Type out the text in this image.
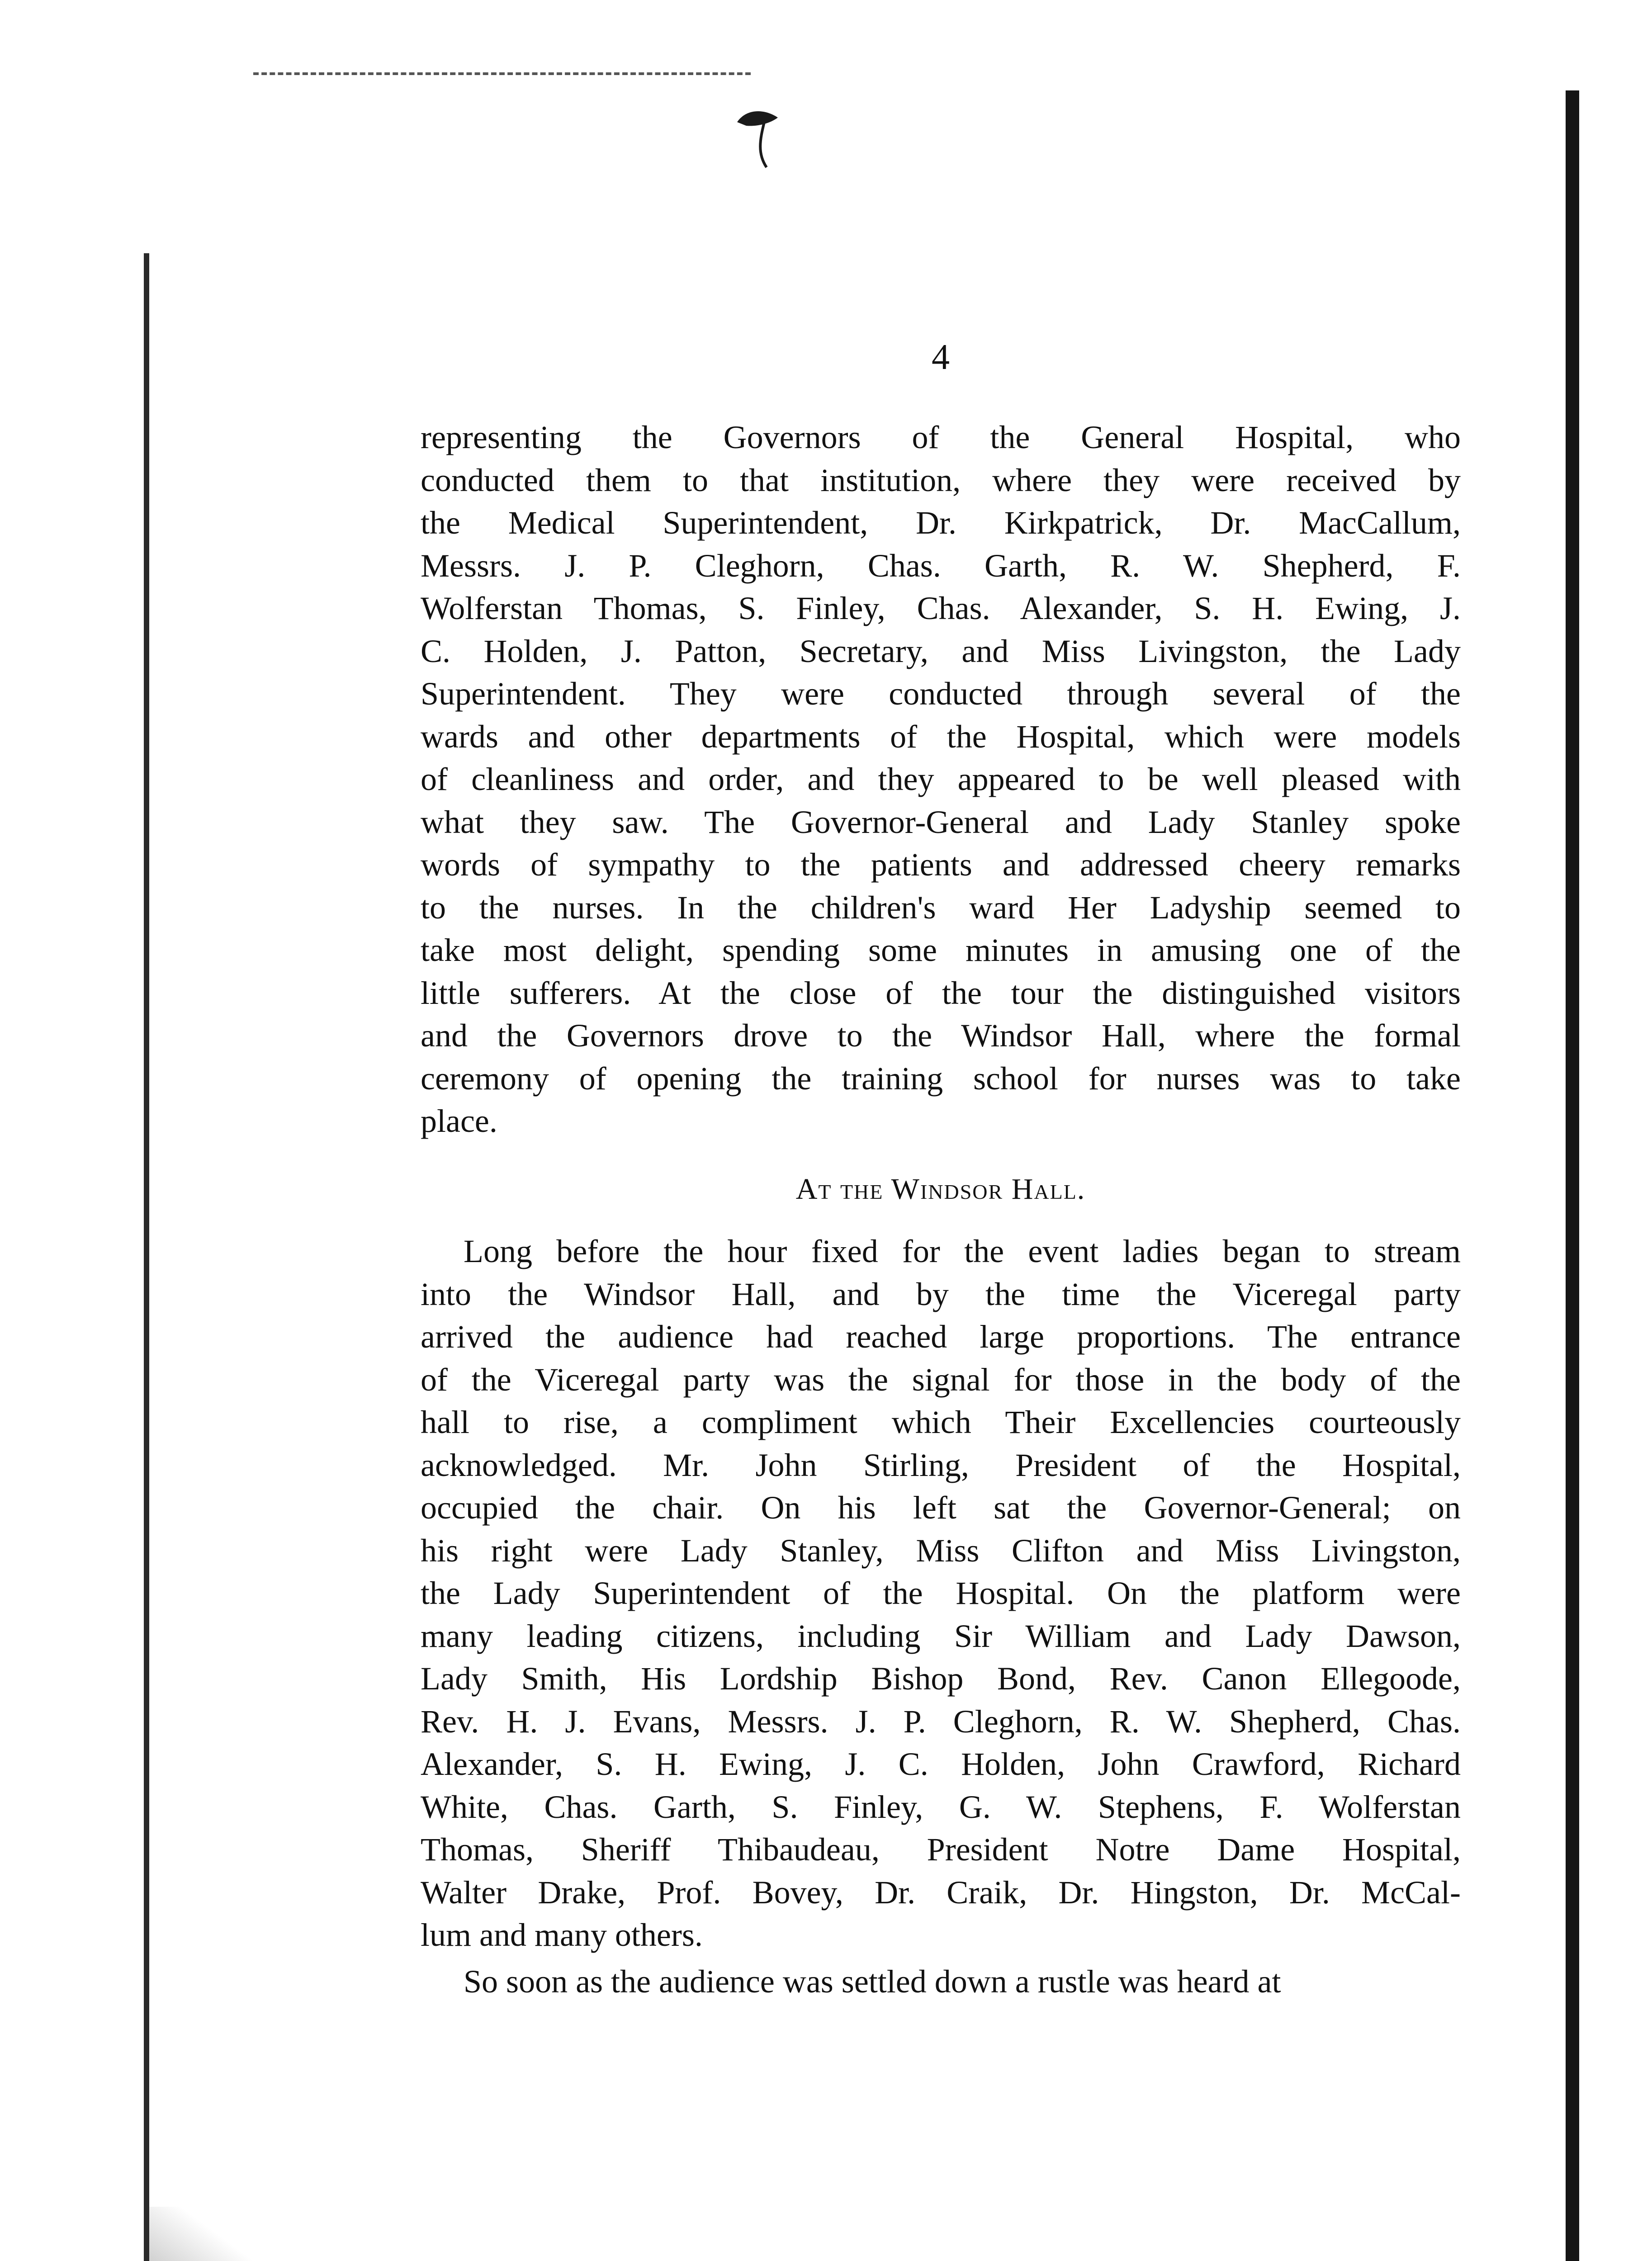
4
representing the Governors of the General Hospital, who
conducted them to that institution, where they were received by
the Medical Superintendent, Dr. Kirkpatrick, Dr. MacCallum,
Messrs. J. P. Cleghorn, Chas. Garth, R. W. Shepherd, F.
Wolferstan Thomas, S. Finley, Chas. Alexander, S. H. Ewing, J.
C. Holden, J. Patton, Secretary, and Miss Livingston, the Lady
Superintendent. They were conducted through several of the
wards and other departments of the Hospital, which were models
of cleanliness and order, and they appeared to be well pleased with
what they saw. The Governor-General and Lady Stanley spoke
words of sympathy to the patients and addressed cheery remarks
to the nurses. In the children's ward Her Ladyship seemed to
take most delight, spending some minutes in amusing one of the
little sufferers. At the close of the tour the distinguished visitors
and the Governors drove to the Windsor Hall, where the formal
ceremony of opening the training school for nurses was to take
place.
At the Windsor Hall.
Long before the hour fixed for the event ladies began to stream
into the Windsor Hall, and by the time the Viceregal party
arrived the audience had reached large proportions. The entrance
of the Viceregal party was the signal for those in the body of the
hall to rise, a compliment which Their Excellencies courteously
acknowledged. Mr. John Stirling, President of the Hospital,
occupied the chair. On his left sat the Governor-General; on
his right were Lady Stanley, Miss Clifton and Miss Livingston,
the Lady Superintendent of the Hospital. On the platform were
many leading citizens, including Sir William and Lady Dawson,
Lady Smith, His Lordship Bishop Bond, Rev. Canon Ellegoode,
Rev. H. J. Evans, Messrs. J. P. Cleghorn, R. W. Shepherd, Chas.
Alexander, S. H. Ewing, J. C. Holden, John Crawford, Richard
White, Chas. Garth, S. Finley, G. W. Stephens, F. Wolferstan
Thomas, Sheriff Thibaudeau, President Notre Dame Hospital,
Walter Drake, Prof. Bovey, Dr. Craik, Dr. Hingston, Dr. McCal-
lum and many others.
So soon as the audience was settled down a rustle was heard at
